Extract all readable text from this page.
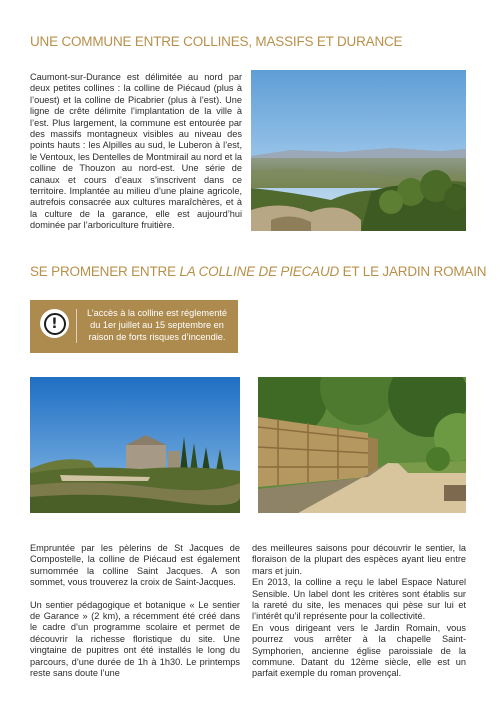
UNE COMMUNE ENTRE COLLINES, MASSIFS ET DURANCE

Caumont-sur-Durance est délimitée au nord par deux petites collines : la colline de Piécaud (plus à l’ouest) et la colline de Picabrier (plus à l’est). Une ligne de crête délimite l’implantation de la ville à l’est. Plus largement, la commune est entourée par des massifs montagneux visibles au niveau des points hauts : les Alpilles au sud, le Luberon à l’est, le Ventoux, les Dentelles de Montmirail au nord et la colline de Thouzon au nord-est. Une série de canaux et cours d’eaux s’inscrivent dans ce territoire. Implantée au milieu d’une plaine agricole, autrefois consacrée aux cultures maraîchères, et à la culture de la garance, elle est aujourd’hui dominée par l’arboriculture fruitière.

SE PROMENER ENTRE LA COLLINE DE PIECAUD ET LE JARDIN ROMAIN
!

L’accès à la colline est réglementé du 1er juillet au 15 septembre en raison de forts risques d’incendie.

Empruntée par les pèlerins de St Jacques de Compostelle, la colline de Piécaud est également surnommée la colline Saint Jacques. A son sommet, vous trouverez la croix de Saint-Jacques.

Un sentier pédagogique et botanique « Le sentier de Garance » (2 km), a récemment été créé dans le cadre d’un programme scolaire et permet de découvrir la richesse floristique du site. Une vingtaine de pupitres ont été installés le long du parcours, d’une durée de 1h à 1h30. Le printemps reste sans doute l’une

des meilleures saisons pour découvrir le sentier, la floraison de la plupart des espèces ayant lieu entre mars et juin.

En 2013, la colline a reçu le label Espace Naturel Sensible. Un label dont les critères sont établis sur la rareté du site, les menaces qui pèse sur lui et l’intérêt qu’il représente pour la collectivité.

En vous dirigeant vers le Jardin Romain, vous pourrez vous arrêter à la chapelle Saint-Symphorien, ancienne église paroissiale de la commune. Datant du 12ème siècle, elle est un parfait exemple du roman provençal.
